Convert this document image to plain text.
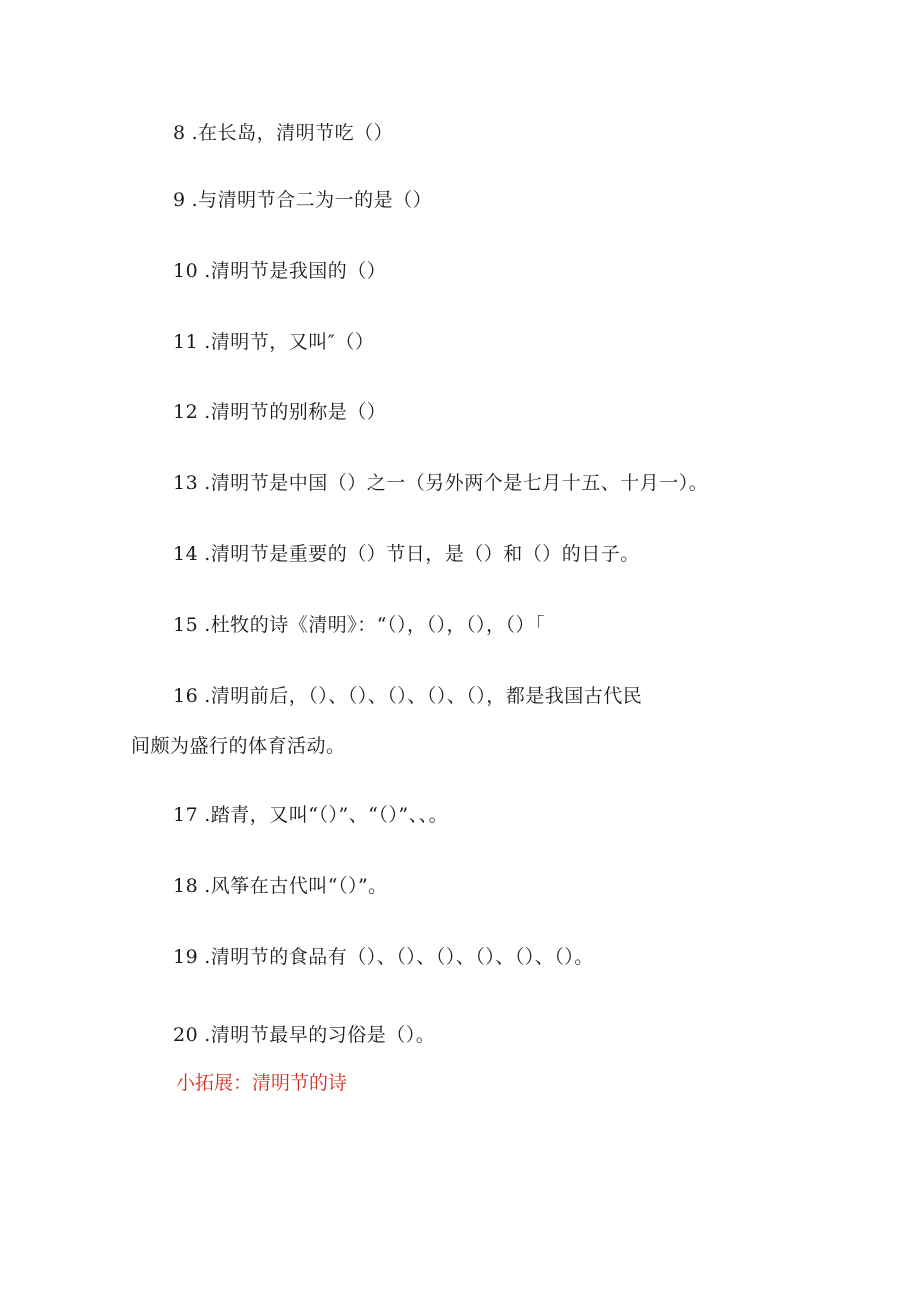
8 .在长岛，清明节吃（）
9 .与清明节合二为一的是（）
10 .清明节是我国的（）
11 .清明节，又叫″（）
12 .清明节的别称是（）
13 .清明节是中国（）之一（另外两个是七月十五、十月一）。
14 .清明节是重要的（）节日，是（）和（）的日子。
15 .杜牧的诗《清明》：“（），（），（），（）「
16 .清明前后，（）、（）、（）、（）、（），都是我国古代民
间颇为盛行的体育活动。
17 .踏青，又叫“（）”、“（）”、、。
18 .风筝在古代叫“（）”。
19 .清明节的食品有（）、（）、（）、（）、（）、（）。
20 .清明节最早的习俗是（）。
小拓展：清明节的诗
